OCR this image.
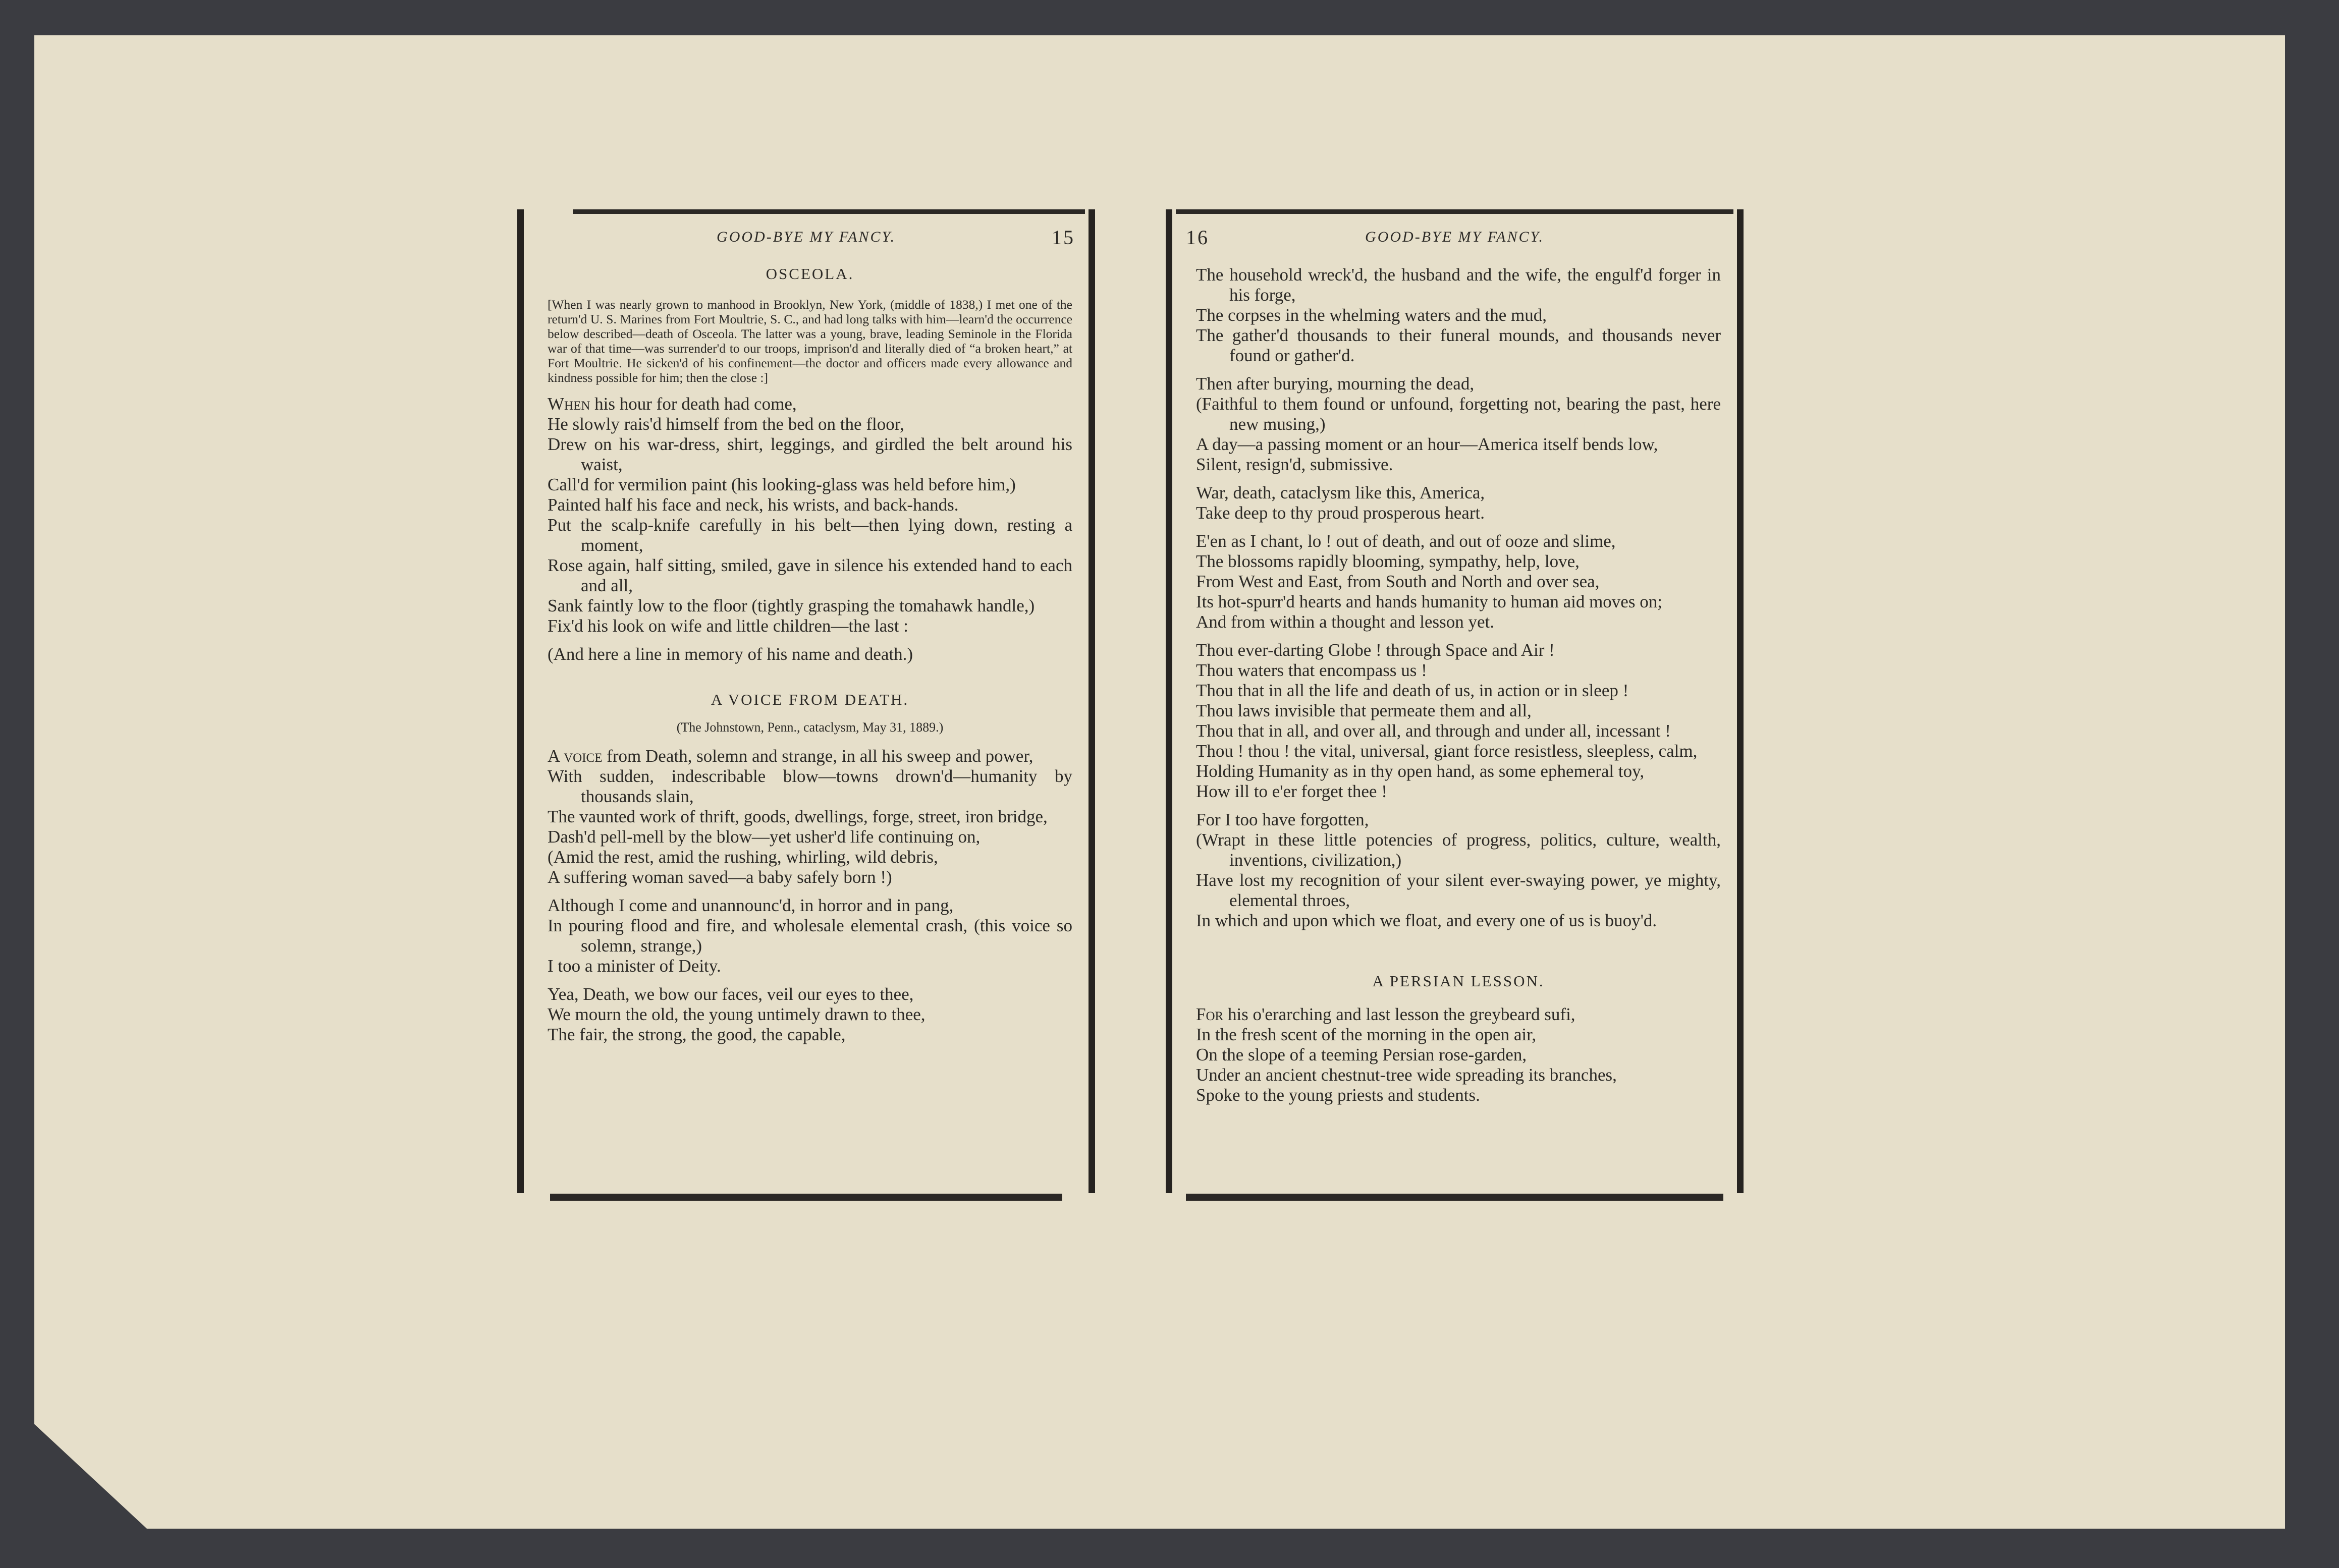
GOOD-BYE MY FANCY.	15
OSCEOLA.
[When I was nearly grown to manhood in Brooklyn, New York, (middle of 1838,) I met one of the return'd U. S. Marines from Fort Moultrie, S. C., and had long talks with him—learn'd the occurrence below described—death of Osceola. The latter was a young, brave, leading Seminole in the Florida war of that time—was surrender'd to our troops, imprison'd and literally died of “a broken heart,” at Fort Moultrie. He sicken'd of his confinement—the doctor and officers made every allowance and kindness possible for him; then the close :]
When his hour for death had come,
He slowly rais'd himself from the bed on the floor,
Drew on his war-dress, shirt, leggings, and girdled the belt around his waist,
Call'd for vermilion paint (his looking-glass was held before him,)
Painted half his face and neck, his wrists, and back-hands.
Put the scalp-knife carefully in his belt—then lying down, resting a moment,
Rose again, half sitting, smiled, gave in silence his extended hand to each and all,
Sank faintly low to the floor (tightly grasping the tomahawk handle,)
Fix'd his look on wife and little children—the last :
(And here a line in memory of his name and death.)
A VOICE FROM DEATH.
(The Johnstown, Penn., cataclysm, May 31, 1889.)
A voice from Death, solemn and strange, in all his sweep and power,
With sudden, indescribable blow—towns drown'd—humanity by thousands slain,
The vaunted work of thrift, goods, dwellings, forge, street, iron bridge,
Dash'd pell-mell by the blow—yet usher'd life continuing on,
(Amid the rest, amid the rushing, whirling, wild debris,
A suffering woman saved—a baby safely born !)
Although I come and unannounc'd, in horror and in pang,
In pouring flood and fire, and wholesale elemental crash, (this voice so solemn, strange,)
I too a minister of Deity.
Yea, Death, we bow our faces, veil our eyes to thee,
We mourn the old, the young untimely drawn to thee,
The fair, the strong, the good, the capable,
16	GOOD-BYE MY FANCY.
The household wreck'd, the husband and the wife, the engulf'd forger in his forge,
The corpses in the whelming waters and the mud,
The gather'd thousands to their funeral mounds, and thousands never found or gather'd.
Then after burying, mourning the dead,
(Faithful to them found or unfound, forgetting not, bearing the past, here new musing,)
A day—a passing moment or an hour—America itself bends low,
Silent, resign'd, submissive.
War, death, cataclysm like this, America,
Take deep to thy proud prosperous heart.
E'en as I chant, lo ! out of death, and out of ooze and slime,
The blossoms rapidly blooming, sympathy, help, love,
From West and East, from South and North and over sea,
Its hot-spurr'd hearts and hands humanity to human aid moves on;
And from within a thought and lesson yet.
Thou ever-darting Globe ! through Space and Air !
Thou waters that encompass us !
Thou that in all the life and death of us, in action or in sleep !
Thou laws invisible that permeate them and all,
Thou that in all, and over all, and through and under all, incessant !
Thou ! thou ! the vital, universal, giant force resistless, sleepless, calm,
Holding Humanity as in thy open hand, as some ephemeral toy,
How ill to e'er forget thee !
For I too have forgotten,
(Wrapt in these little potencies of progress, politics, culture, wealth, inventions, civilization,)
Have lost my recognition of your silent ever-swaying power, ye mighty, elemental throes,
In which and upon which we float, and every one of us is buoy'd.
A PERSIAN LESSON.
For his o'erarching and last lesson the greybeard sufi,
In the fresh scent of the morning in the open air,
On the slope of a teeming Persian rose-garden,
Under an ancient chestnut-tree wide spreading its branches,
Spoke to the young priests and students.
